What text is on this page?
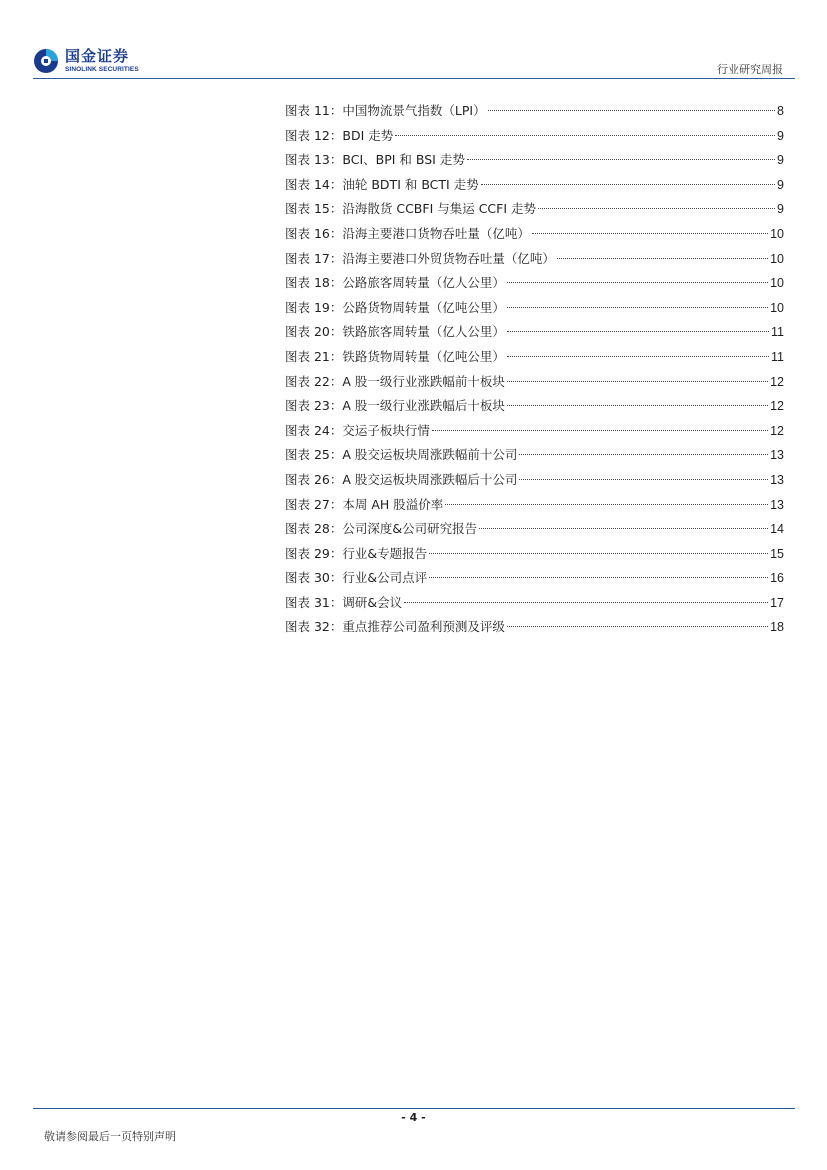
国金证券
SINOLINK SECURITIES	行业研究周报
图表 11：中国物流景气指数（LPI）	8
图表 12：BDI 走势	9
图表 13：BCI、BPI 和 BSI 走势	9
图表 14：油轮 BDTI 和 BCTI 走势	9
图表 15：沿海散货 CCBFI 与集运 CCFI 走势	9
图表 16：沿海主要港口货物吞吐量（亿吨）	10
图表 17：沿海主要港口外贸货物吞吐量（亿吨）	10
图表 18：公路旅客周转量（亿人公里）	10
图表 19：公路货物周转量（亿吨公里）	10
图表 20：铁路旅客周转量（亿人公里）	11
图表 21：铁路货物周转量（亿吨公里）	11
图表 22：A 股一级行业涨跌幅前十板块	12
图表 23：A 股一级行业涨跌幅后十板块	12
图表 24：交运子板块行情	12
图表 25：A 股交运板块周涨跌幅前十公司	13
图表 26：A 股交运板块周涨跌幅后十公司	13
图表 27：本周 AH 股溢价率	13
图表 28：公司深度&公司研究报告	14
图表 29：行业&专题报告	15
图表 30：行业&公司点评	16
图表 31：调研&会议	17
图表 32：重点推荐公司盈利预测及评级	18
- 4 -
敬请参阅最后一页特别声明
